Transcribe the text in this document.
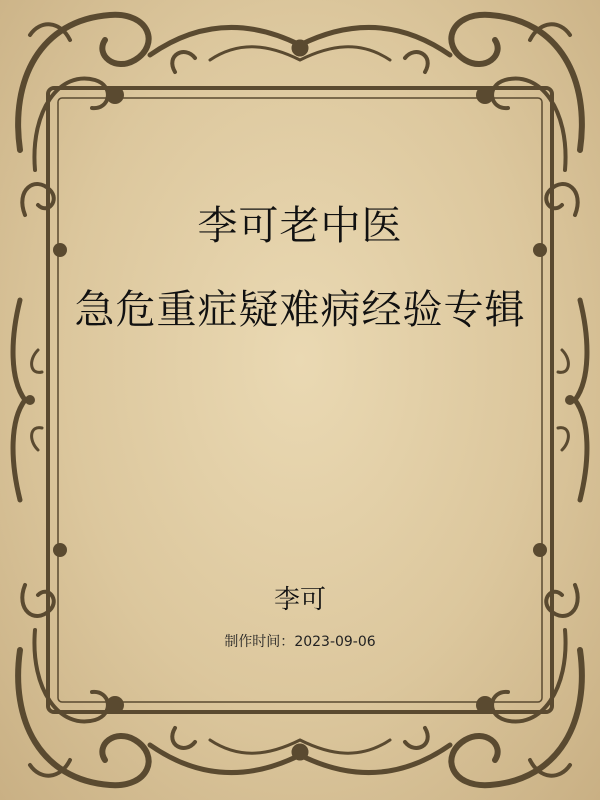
李可老中医
急危重症疑难病经验专辑
李可
制作时间：2023-09-06
